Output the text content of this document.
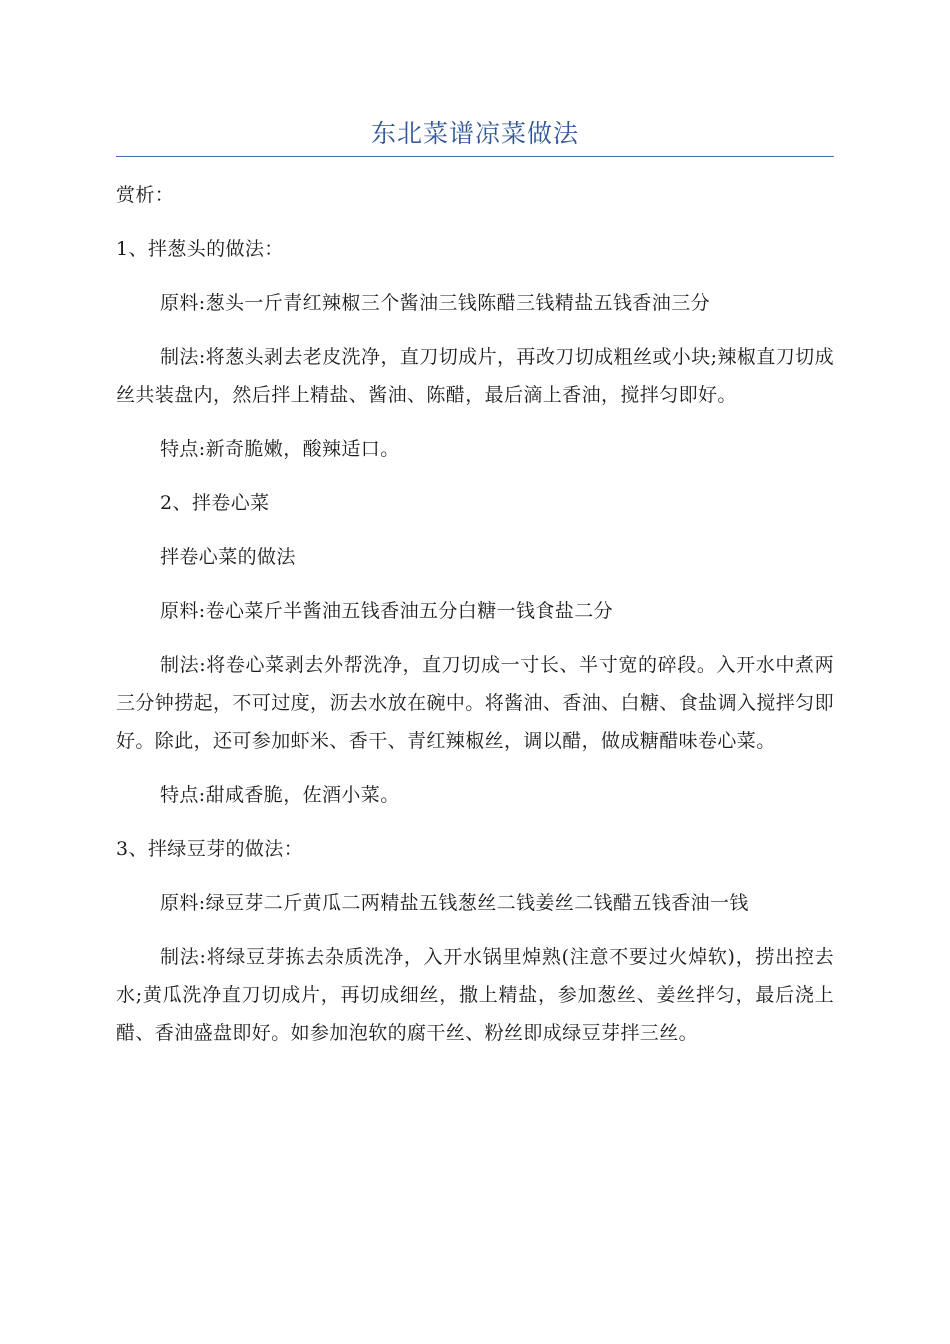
东北菜谱凉菜做法

赏析：

1、拌葱头的做法：

原料:葱头一斤青红辣椒三个酱油三钱陈醋三钱精盐五钱香油三分

制法:将葱头剥去老皮洗净，直刀切成片，再改刀切成粗丝或小块;辣椒直刀切成丝共装盘内，然后拌上精盐、酱油、陈醋，最后滴上香油，搅拌匀即好。

特点:新奇脆嫩，酸辣适口。

2、拌卷心菜

拌卷心菜的做法

原料:卷心菜斤半酱油五钱香油五分白糖一钱食盐二分

制法:将卷心菜剥去外帮洗净，直刀切成一寸长、半寸宽的碎段。入开水中煮两三分钟捞起，不可过度，沥去水放在碗中。将酱油、香油、白糖、食盐调入搅拌匀即好。除此，还可参加虾米、香干、青红辣椒丝，调以醋，做成糖醋味卷心菜。

特点:甜咸香脆，佐酒小菜。

3、拌绿豆芽的做法：

原料:绿豆芽二斤黄瓜二两精盐五钱葱丝二钱姜丝二钱醋五钱香油一钱

制法:将绿豆芽拣去杂质洗净，入开水锅里焯熟(注意不要过火焯软)，捞出控去水;黄瓜洗净直刀切成片，再切成细丝，撒上精盐，参加葱丝、姜丝拌匀，最后浇上醋、香油盛盘即好。如参加泡软的腐干丝、粉丝即成绿豆芽拌三丝。
